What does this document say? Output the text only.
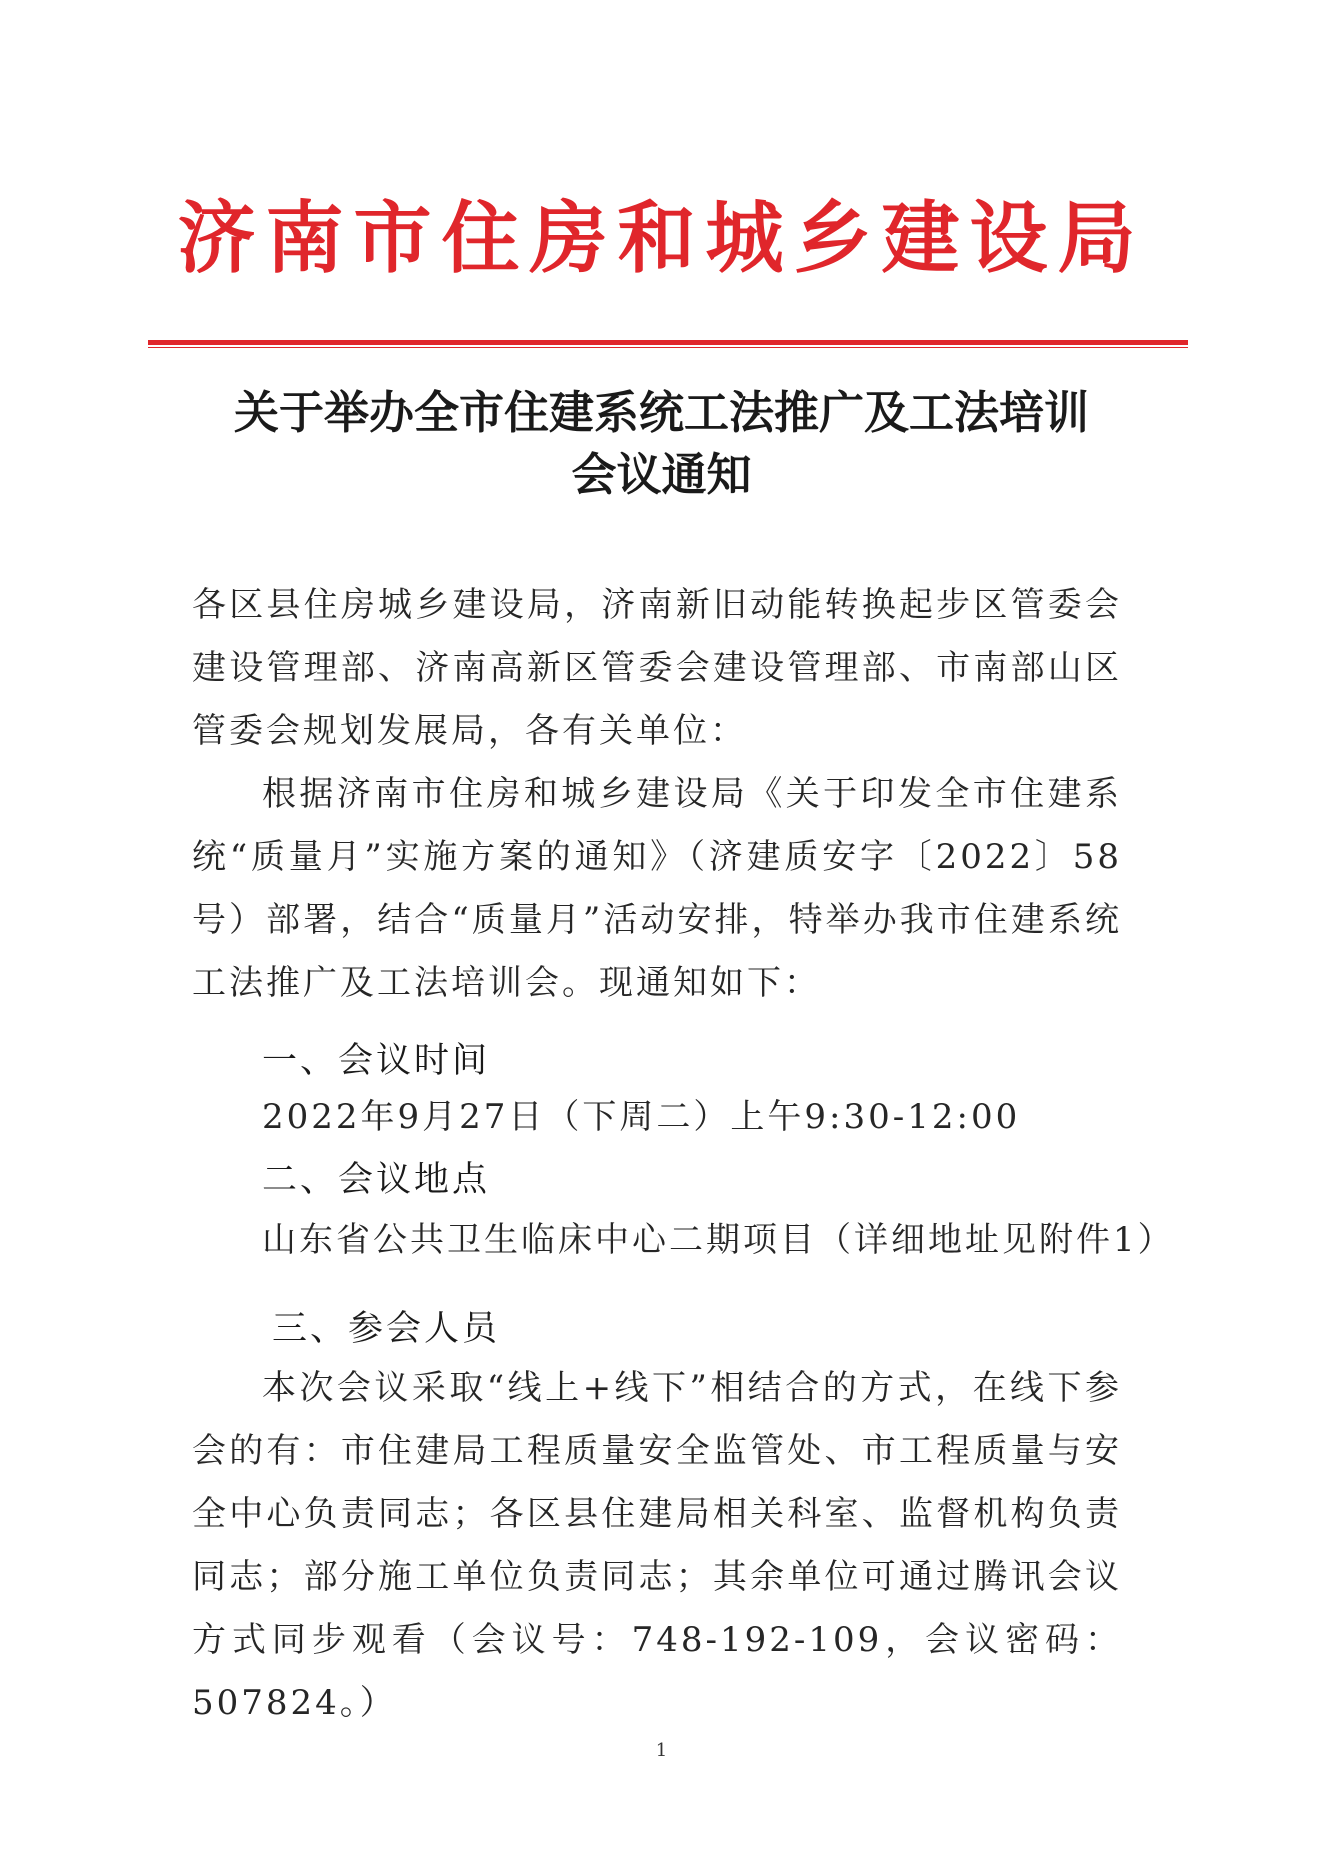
济南市住房和城乡建设局
关于举办全市住建系统工法推广及工法培训
会议通知
各区县住房城乡建设局，济南新旧动能转换起步区管委会建设管理部、济南高新区管委会建设管理部、市南部山区管委会规划发展局，各有关单位：
根据济南市住房和城乡建设局《关于印发全市住建系统“质量月”实施方案的通知》（济建质安字〔2022〕58号）部署，结合“质量月”活动安排，特举办我市住建系统工法推广及工法培训会。现通知如下：
一、会议时间
2022年9月27日（下周二）上午9:30-12:00
二、会议地点
山东省公共卫生临床中心二期项目（详细地址见附件1）
三、参会人员
本次会议采取“线上+线下”相结合的方式，在线下参会的有：市住建局工程质量安全监管处、市工程质量与安全中心负责同志；各区县住建局相关科室、监督机构负责同志；部分施工单位负责同志；其余单位可通过腾讯会议方式同步观看（会议号：748-192-109，会议密码：507824。）
1
